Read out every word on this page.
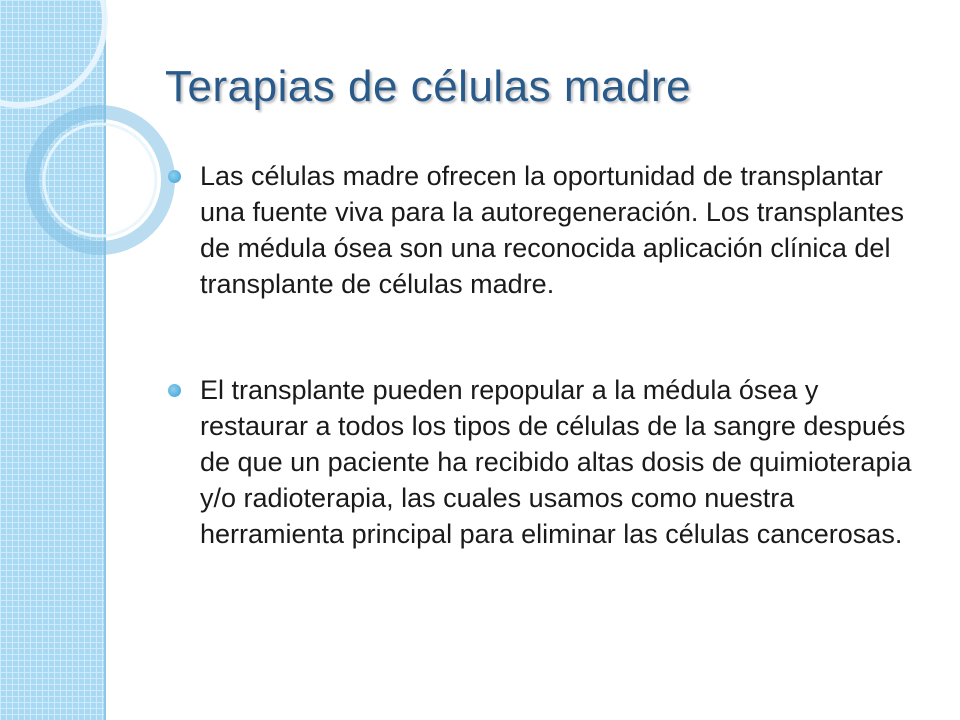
Terapias de células madre
Las células madre ofrecen la oportunidad de transplantar una fuente viva para la autoregeneración. Los transplantes de médula ósea son una reconocida aplicación clínica del transplante de células madre.
El transplante pueden repopular a la médula ósea y restaurar a todos los tipos de células de la sangre después de que un paciente ha recibido altas dosis de quimioterapia y/o radioterapia, las cuales usamos como nuestra herramienta principal para eliminar las células cancerosas.
